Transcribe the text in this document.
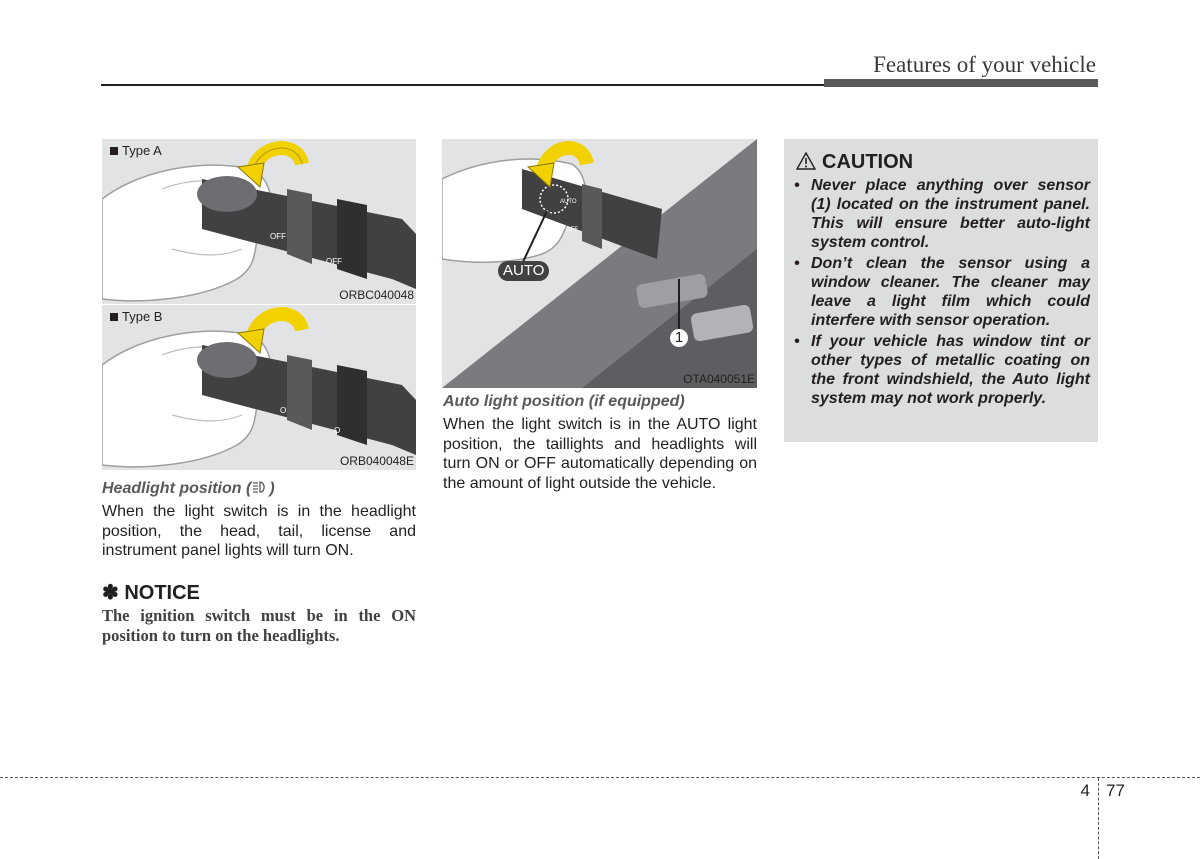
Features of your vehicle
OFF
OFF
Type A
ORBC040048
O
O
Type B
ORB040048E
AUTO
OFF
AUTO
1
OTA040051E
Headlight position ( )
When the light switch is in the headlight position, the head, tail, license and instrument panel lights will turn ON.
✽ NOTICE
The ignition switch must be in the ON position to turn on the headlights.
Auto light position (if equipped)
When the light switch is in the AUTO light position, the taillights and headlights will turn ON or OFF automatically depending on the amount of light outside the vehicle.
CAUTION
• Never place anything over sensor (1) located on the instrument panel. This will ensure better auto-light system control.
• Don’t clean the sensor using a window cleaner. The cleaner may leave a light film which could interfere with sensor operation.
• If your vehicle has window tint or other types of metallic coating on the front windshield, the Auto light system may not work properly.
4 77
